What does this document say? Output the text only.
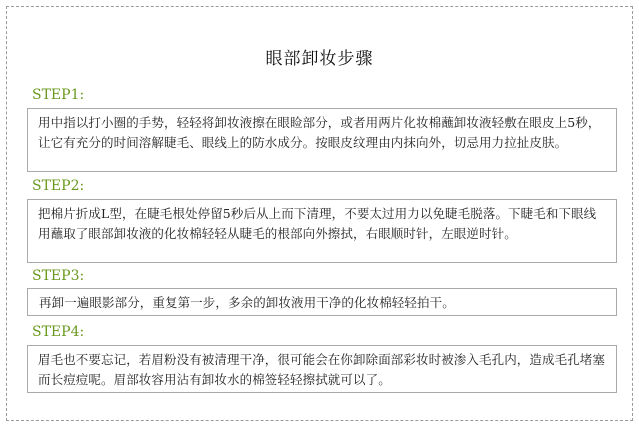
眼部卸妆步骤
STEP1:
用中指以打小圈的手势，轻轻将卸妆液擦在眼睑部分，或者用两片化妆棉蘸卸妆液轻敷在眼皮上5秒，让它有充分的时间溶解睫毛、眼线上的防水成分。按眼皮纹理由内抹向外，切忌用力拉扯皮肤。
STEP2:
把棉片折成L型，在睫毛根处停留5秒后从上而下清理，不要太过用力以免睫毛脱落。下睫毛和下眼线用蘸取了眼部卸妆液的化妆棉轻轻从睫毛的根部向外擦拭，右眼顺时针，左眼逆时针。
STEP3:
再卸一遍眼影部分，重复第一步，多余的卸妆液用干净的化妆棉轻轻拍干。
STEP4:
眉毛也不要忘记，若眉粉没有被清理干净，很可能会在你卸除面部彩妆时被渗入毛孔内，造成毛孔堵塞而长痘痘呢。眉部妆容用沾有卸妆水的棉签轻轻擦拭就可以了。
